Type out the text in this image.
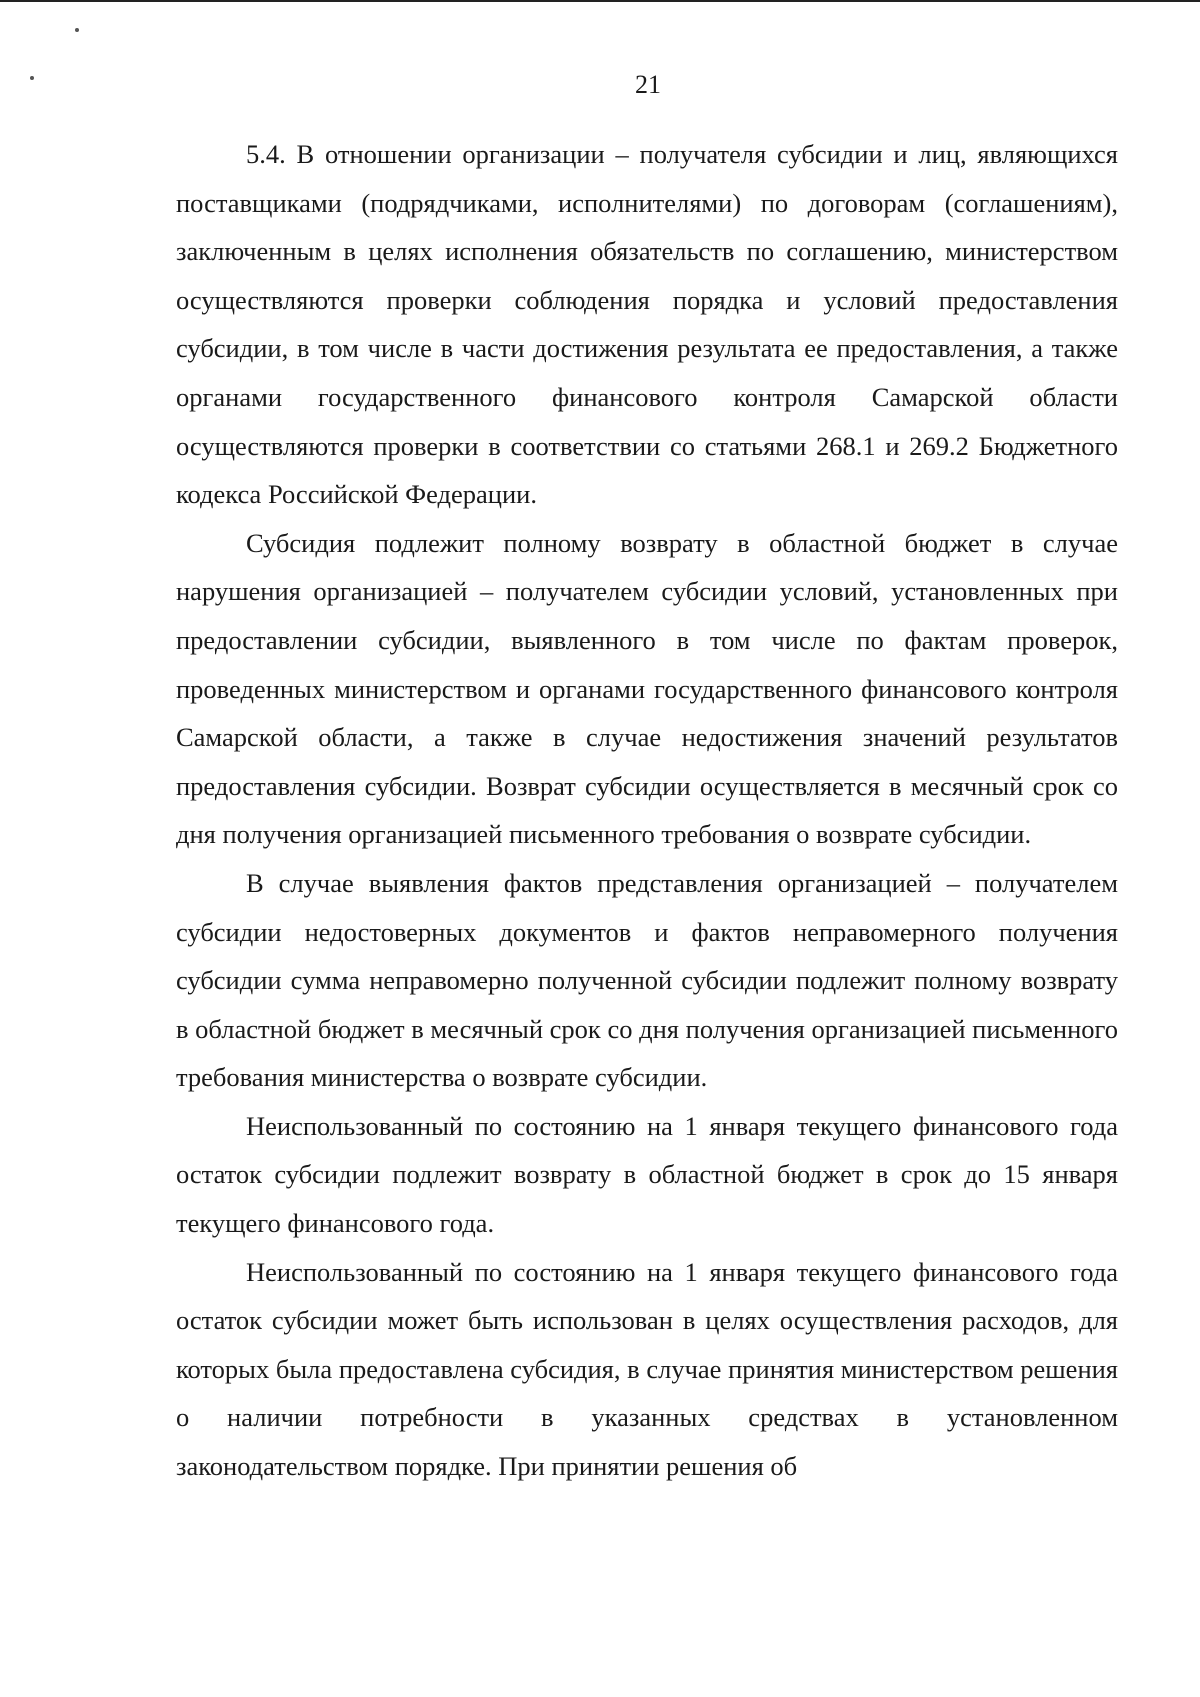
21

5.4. В отношении организации – получателя субсидии и лиц, являющихся поставщиками (подрядчиками, исполнителями) по договорам (соглашениям), заключенным в целях исполнения обязательств по соглашению, министерством осуществляются проверки соблюдения порядка и условий предоставления субсидии, в том числе в части достижения результата ее предоставления, а также органами государственного финансового контроля Самарской области осуществляются проверки в соответствии со статьями 268.1 и 269.2 Бюджетного кодекса Российской Федерации.

Субсидия подлежит полному возврату в областной бюджет в случае нарушения организацией – получателем субсидии условий, установленных при предоставлении субсидии, выявленного в том числе по фактам проверок, проведенных министерством и органами государственного финансового контроля Самарской области, а также в случае недостижения значений результатов предоставления субсидии. Возврат субсидии осуществляется в месячный срок со дня получения организацией письменного требования о возврате субсидии.

В случае выявления фактов представления организацией – получателем субсидии недостоверных документов и фактов неправомерного получения субсидии сумма неправомерно полученной субсидии подлежит полному возврату в областной бюджет в месячный срок со дня получения организацией письменного требования министерства о возврате субсидии.

Неиспользованный по состоянию на 1 января текущего финансового года остаток субсидии подлежит возврату в областной бюджет в срок до 15 января текущего финансового года.

Неиспользованный по состоянию на 1 января текущего финансового года остаток субсидии может быть использован в целях осуществления расходов, для которых была предоставлена субсидия, в случае принятия министерством решения о наличии потребности в указанных средствах в установленном законодательством порядке. При принятии решения об
